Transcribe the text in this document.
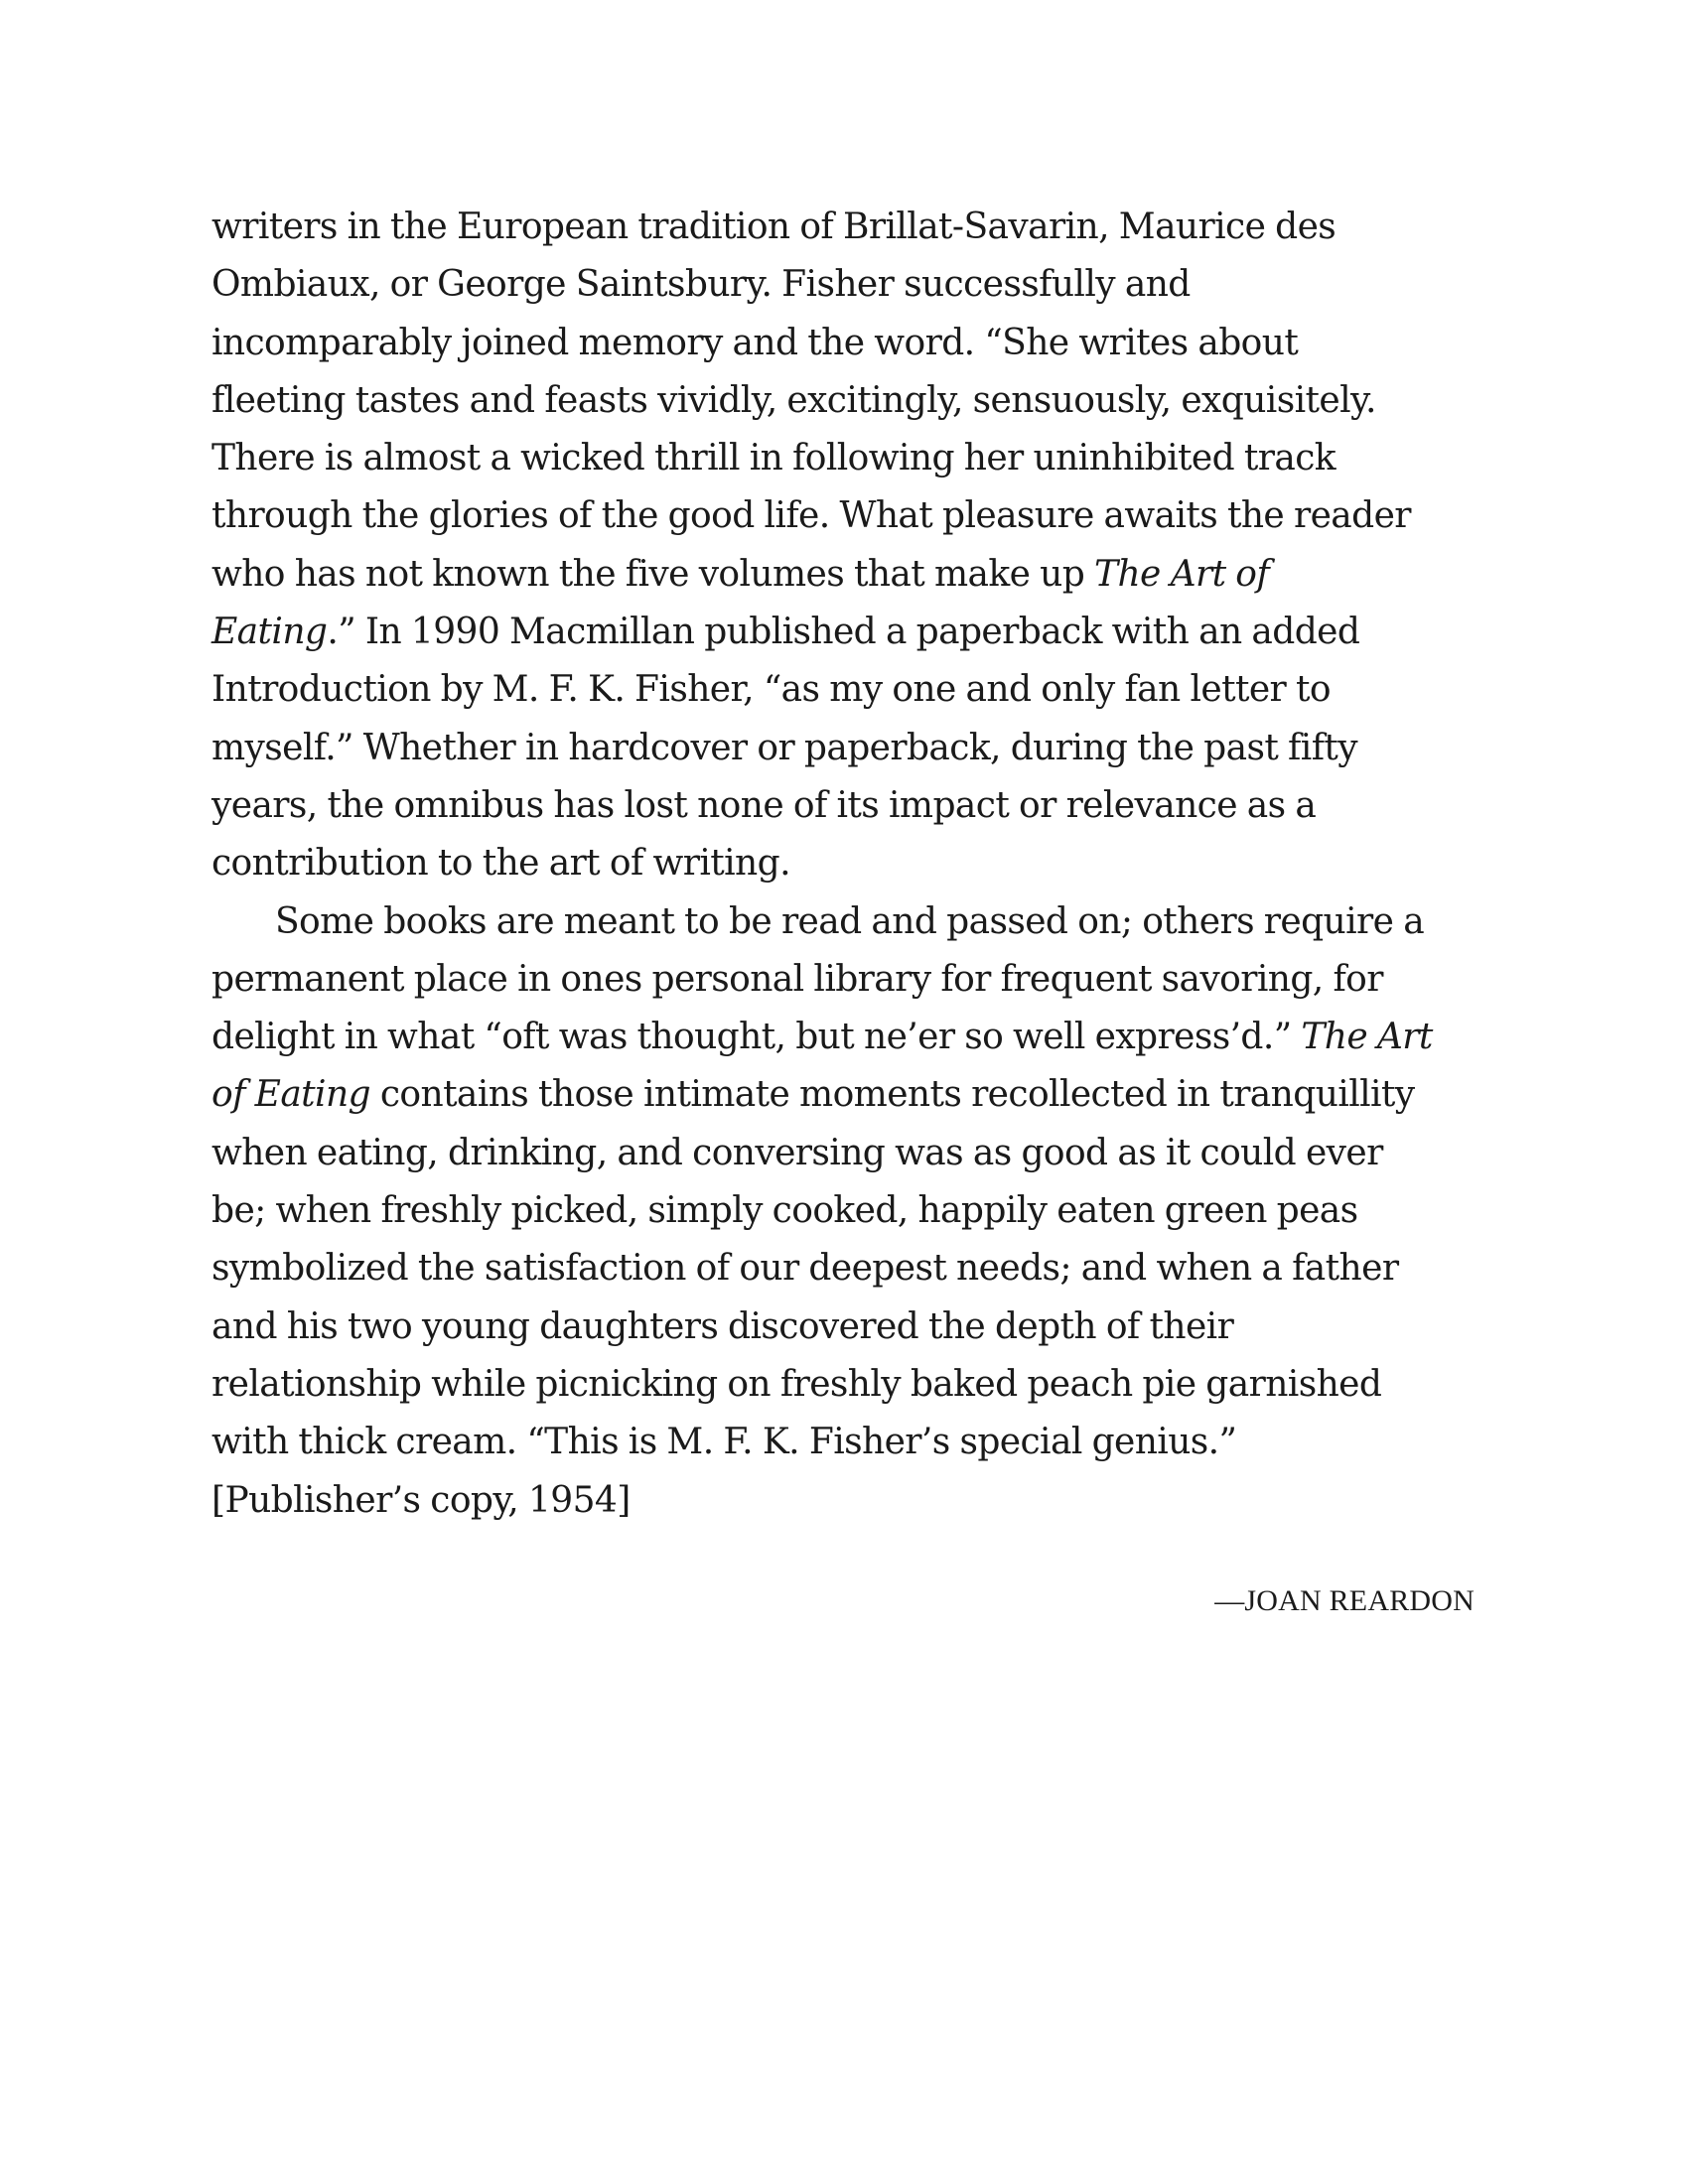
writers in the European tradition of Brillat-Savarin, Maurice des
Ombiaux, or George Saintsbury. Fisher successfully and
incomparably joined memory and the word. “She writes about
fleeting tastes and feasts vividly, excitingly, sensuously, exquisitely.
There is almost a wicked thrill in following her uninhibited track
through the glories of the good life. What pleasure awaits the reader
who has not known the five volumes that make up The Art of
Eating.” In 1990 Macmillan published a paperback with an added
Introduction by M. F. K. Fisher, “as my one and only fan letter to
myself.” Whether in hardcover or paperback, during the past fifty
years, the omnibus has lost none of its impact or relevance as a
contribution to the art of writing.
Some books are meant to be read and passed on; others require a
permanent place in ones personal library for frequent savoring, for
delight in what “oft was thought, but ne’er so well express’d.” The Art
of Eating contains those intimate moments recollected in tranquillity
when eating, drinking, and conversing was as good as it could ever
be; when freshly picked, simply cooked, happily eaten green peas
symbolized the satisfaction of our deepest needs; and when a father
and his two young daughters discovered the depth of their
relationship while picnicking on freshly baked peach pie garnished
with thick cream. “This is M. F. K. Fisher’s special genius.”
[Publisher’s copy, 1954]
—JOAN REARDON
